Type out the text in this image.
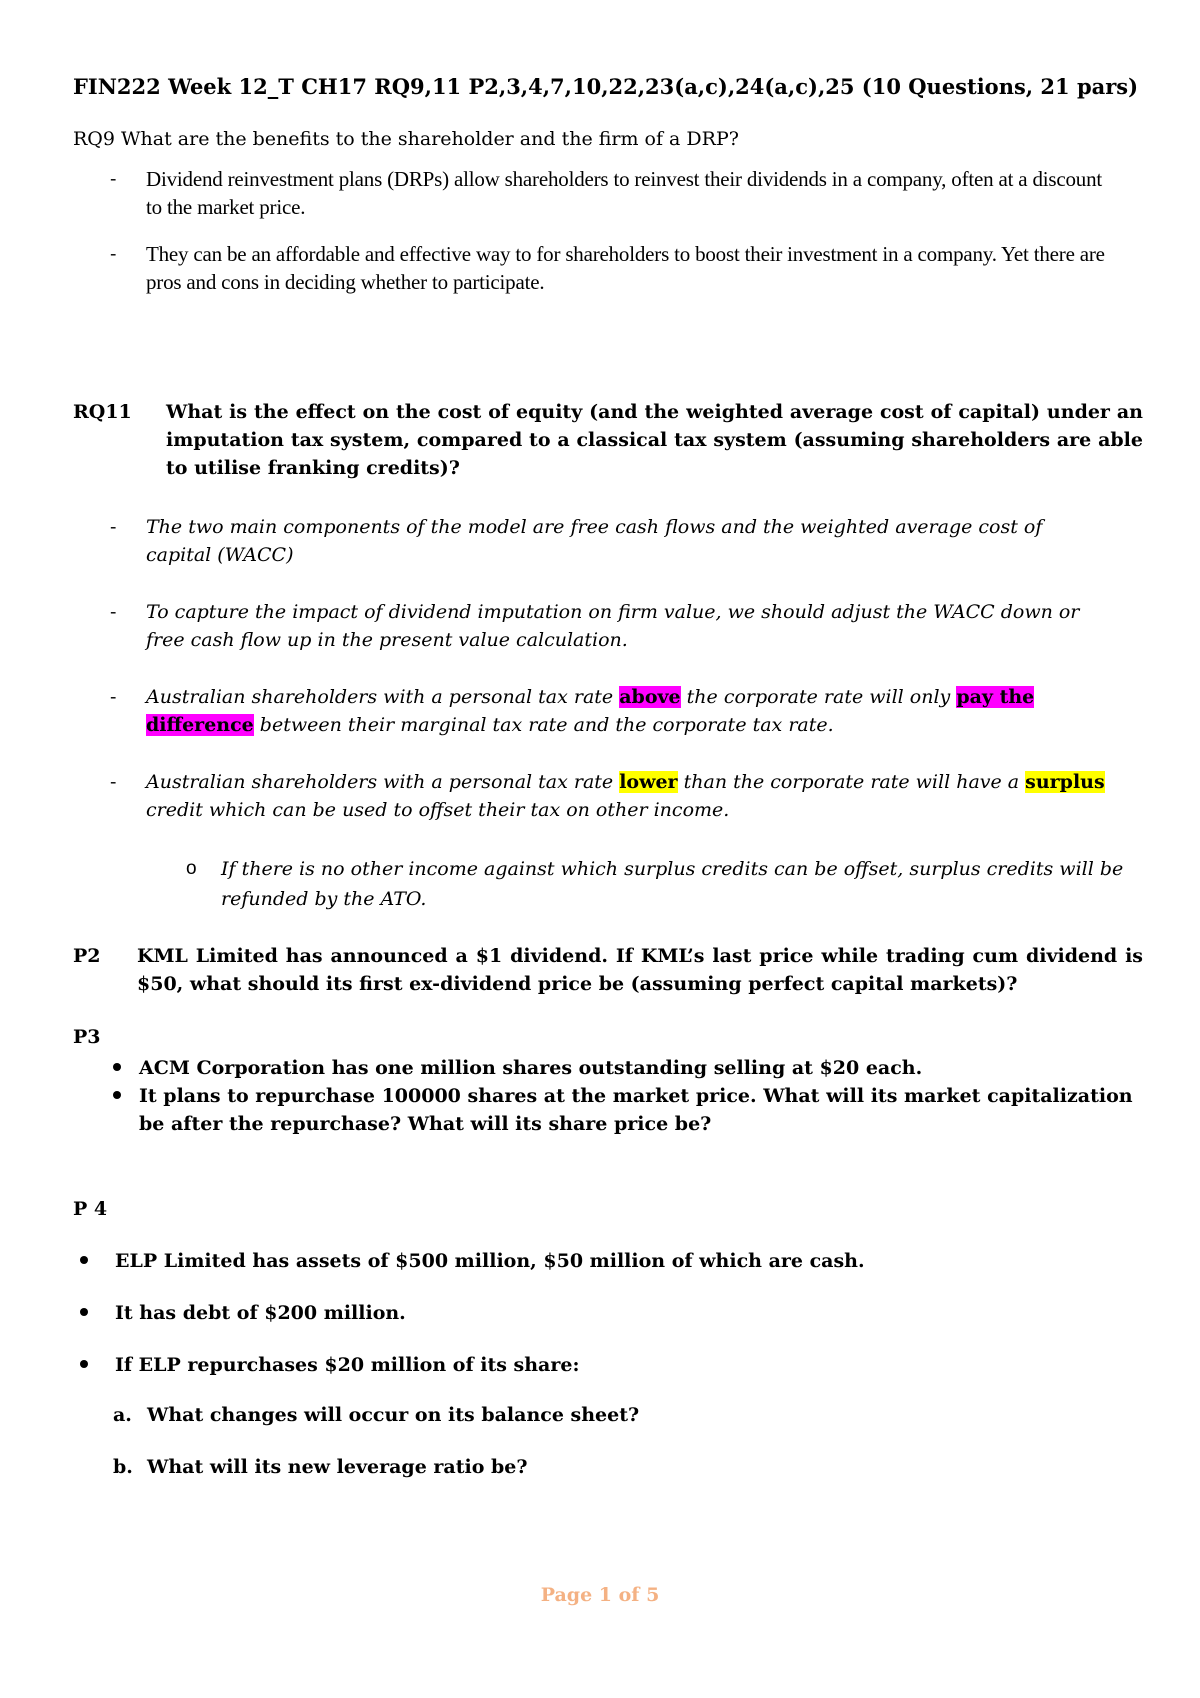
FIN222 Week 12_T CH17 RQ9,11 P2,3,4,7,10,22,23(a,c),24(a,c),25 (10 Questions, 21 pars)
RQ9 What are the benefits to the shareholder and the firm of a DRP?
- Dividend reinvestment plans (DRPs) allow shareholders to reinvest their dividends in a company, often at a discount to the market price.
- They can be an affordable and effective way to for shareholders to boost their investment in a company. Yet there are pros and cons in deciding whether to participate.
RQ11 What is the effect on the cost of equity (and the weighted average cost of capital) under an imputation tax system, compared to a classical tax system (assuming shareholders are able to utilise franking credits)?
- The two main components of the model are free cash flows and the weighted average cost of capital (WACC)
- To capture the impact of dividend imputation on firm value, we should adjust the WACC down or free cash flow up in the present value calculation.
- Australian shareholders with a personal tax rate above the corporate rate will only pay the difference between their marginal tax rate and the corporate tax rate.
- Australian shareholders with a personal tax rate lower than the corporate rate will have a surplus credit which can be used to offset their tax on other income.
o If there is no other income against which surplus credits can be offset, surplus credits will be refunded by the ATO.
P2 KML Limited has announced a $1 dividend. If KML’s last price while trading cum dividend is $50, what should its first ex-dividend price be (assuming perfect capital markets)?
P3
ACM Corporation has one million shares outstanding selling at $20 each.
It plans to repurchase 100000 shares at the market price. What will its market capitalization be after the repurchase? What will its share price be?
P 4
ELP Limited has assets of $500 million, $50 million of which are cash.
It has debt of $200 million.
If ELP repurchases $20 million of its share:
a. What changes will occur on its balance sheet?
b. What will its new leverage ratio be?
Page 1 of 5
